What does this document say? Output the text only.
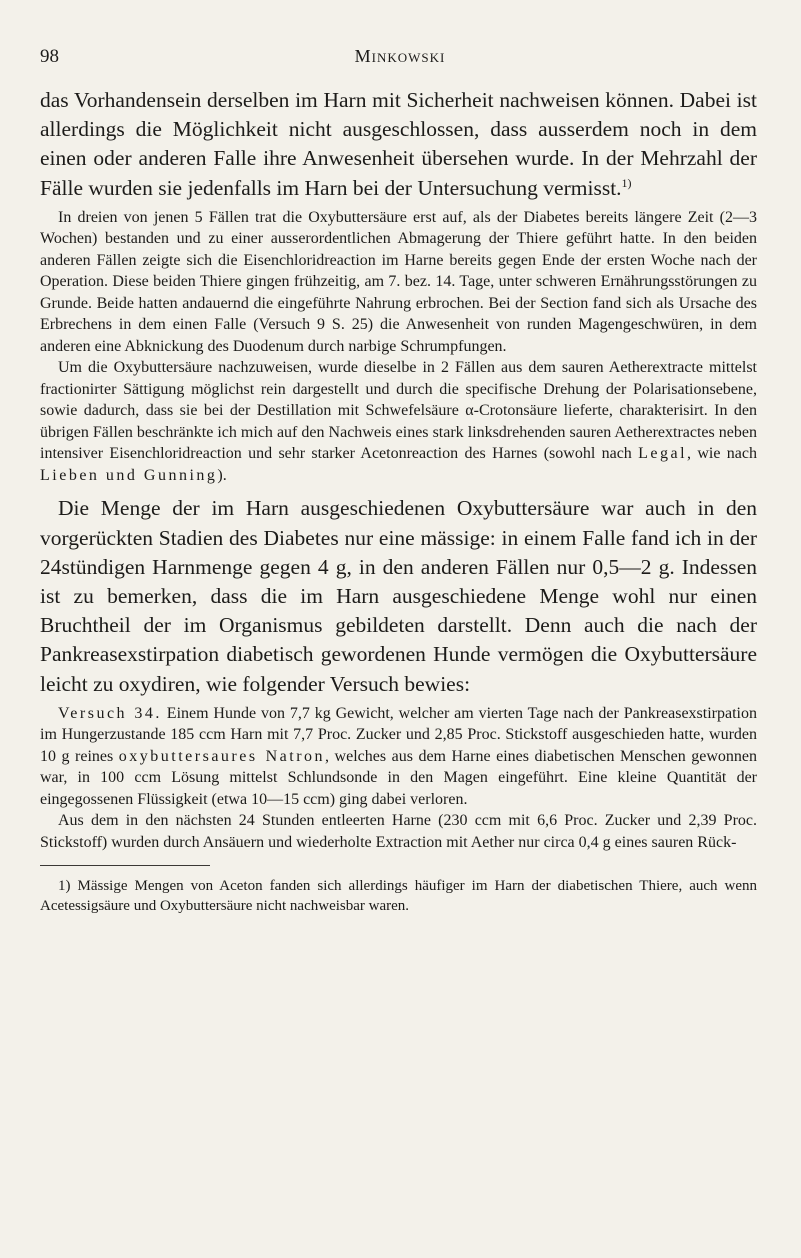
98	Minkowski

das Vorhandensein derselben im Harn mit Sicherheit nachweisen können. Dabei ist allerdings die Möglichkeit nicht ausgeschlossen, dass ausserdem noch in dem einen oder anderen Falle ihre Anwesenheit übersehen wurde. In der Mehrzahl der Fälle wurden sie jedenfalls im Harn bei der Untersuchung vermisst.$^{1)}$

In dreien von jenen 5 Fällen trat die Oxybuttersäure erst auf, als der Diabetes bereits längere Zeit (2—3 Wochen) bestanden und zu einer ausserordentlichen Abmagerung der Thiere geführt hatte. In den beiden anderen Fällen zeigte sich die Eisenchloridreaction im Harne bereits gegen Ende der ersten Woche nach der Operation. Diese beiden Thiere gingen frühzeitig, am 7. bez. 14. Tage, unter schweren Ernährungsstörungen zu Grunde. Beide hatten andauernd die eingeführte Nahrung erbrochen. Bei der Section fand sich als Ursache des Erbrechens in dem einen Falle (Versuch 9 S. 25) die Anwesenheit von runden Magengeschwüren, in dem anderen eine Abknickung des Duodenum durch narbige Schrumpfungen.

Um die Oxybuttersäure nachzuweisen, wurde dieselbe in 2 Fällen aus dem sauren Aetherextracte mittelst fractionirter Sättigung möglichst rein dargestellt und durch die specifische Drehung der Polarisationsebene, sowie dadurch, dass sie bei der Destillation mit Schwefelsäure α-Crotonsäure lieferte, charakterisirt. In den übrigen Fällen beschränkte ich mich auf den Nachweis eines stark linksdrehenden sauren Aetherextractes neben intensiver Eisenchloridreaction und sehr starker Acetonreaction des Harnes (sowohl nach Legal, wie nach Lieben und Gunning).

Die Menge der im Harn ausgeschiedenen Oxybuttersäure war auch in den vorgerückten Stadien des Diabetes nur eine mässige: in einem Falle fand ich in der 24stündigen Harnmenge gegen 4 g, in den anderen Fällen nur 0,5—2 g. Indessen ist zu bemerken, dass die im Harn ausgeschiedene Menge wohl nur einen Bruchtheil der im Organismus gebildeten darstellt. Denn auch die nach der Pankreasexstirpation diabetisch gewordenen Hunde vermögen die Oxybuttersäure leicht zu oxydiren, wie folgender Versuch bewies:

Versuch 34. Einem Hunde von 7,7 kg Gewicht, welcher am vierten Tage nach der Pankreasexstirpation im Hungerzustande 185 ccm Harn mit 7,7 Proc. Zucker und 2,85 Proc. Stickstoff ausgeschieden hatte, wurden 10 g reines oxybuttersaures Natron, welches aus dem Harne eines diabetischen Menschen gewonnen war, in 100 ccm Lösung mittelst Schlundsonde in den Magen eingeführt. Eine kleine Quantität der eingegossenen Flüssigkeit (etwa 10—15 ccm) ging dabei verloren.

Aus dem in den nächsten 24 Stunden entleerten Harne (230 ccm mit 6,6 Proc. Zucker und 2,39 Proc. Stickstoff) wurden durch Ansäuern und wiederholte Extraction mit Aether nur circa 0,4 g eines sauren Rück-

1) Mässige Mengen von Aceton fanden sich allerdings häufiger im Harn der diabetischen Thiere, auch wenn Acetessigsäure und Oxybuttersäure nicht nachweisbar waren.
